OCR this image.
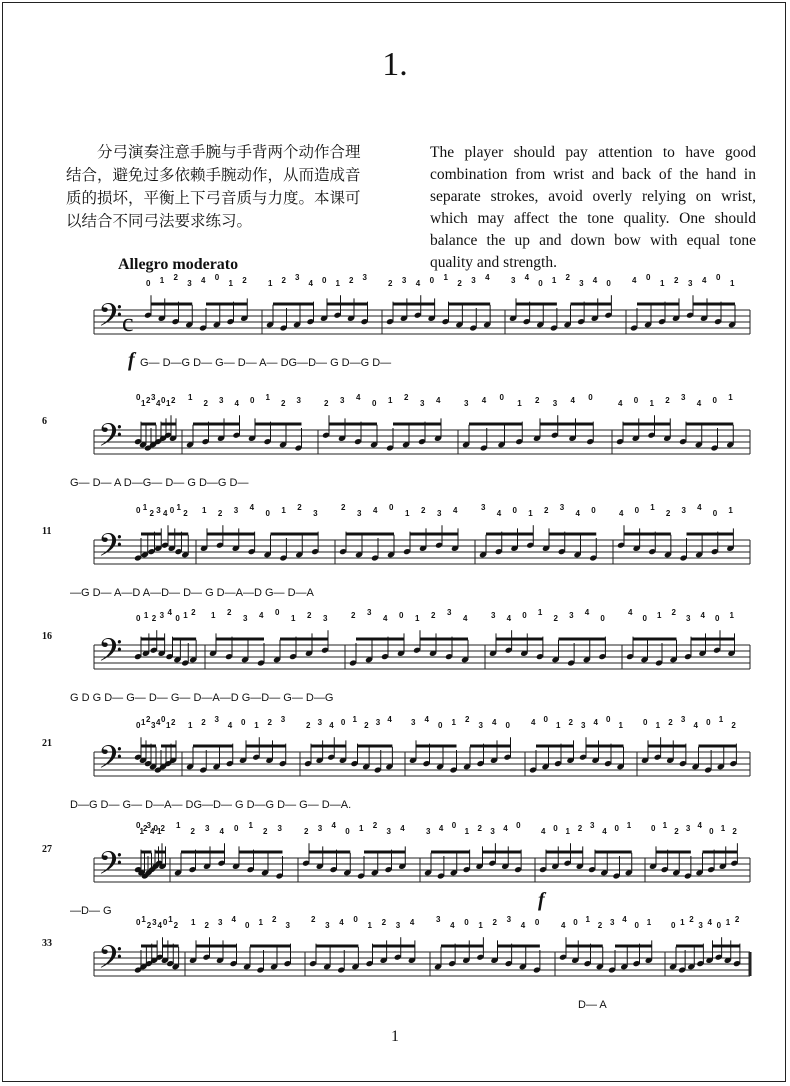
1.
分弓演奏注意手腕与手背两个动作合理结合，避免过多依赖手腕动作，从而造成音质的损坏，平衡上下弓音质与力度。本课可以结合不同弓法要求练习。
The player should pay attention to have good combination from wrist and back of the hand in separate strokes, avoid overly relying on wrist, which may affect the tone quality. One should balance the up and down bow with equal tone quality and strength.
Allegro moderato
𝄢 c
0 1 2
3 4 0
1 2	1 2 3
4 0 1 2 3
2 3 4 0 1
2 3 4	3 4
0 1 2
3 4 0	4 0
1 2 3 4 0
1
f G— D—G D— G— D— A— DG—D— G D—G D—
𝄢
0
1 2 3
4 0 1 2 1
2 3 4 0 1
2 3	2 3 4
0 1 2
3 4	3 4 0
1 2 3 4 0
4 0 1 2 3
4 0 1
6
G— D— A D—G— D— G D—G D—
𝄢
0 1
2 3 4 0 1
2 1 2 3 4
0 1 2
3
2
3 4 0
1 2 3 4	3
4 0 1 2 3
4 0	4 0 1
2 3 4
0 1
11
—G D— A—D A—D— D— G D—A—D G— D—A
𝄢
0 1 2 3 4
0 1 2 1 2
3 4 0
1 2 3	2 3
4 0 1 2 3
4	3 4 0 1
2 3 4
0
4
0 1 2
3 4 0 1
16
G D G D— G— D— G— D—A—D G—D— G— D—G
𝄢
0 1 2
3 4 0
1 2 1 2 3
4 0 1 2 3
2 3 4 0 1
2 3 4 3 4
0 1 2
3 4 0	4 0
1 2 3 4 0
1	0 1 2 3
4 0 1
2
21
D—G D— G— D—A— DG—D— G D—G D— G— D—A.
𝄢
0
1 2 3
4 0 1 2 1
2 3 4 0 1
2 3	2 3 4
0 1 2
3 4	3 4 0
1 2 3 4 0
4 0 1 2 3
4 0 1 0 1
2 3 4
0 1 2
27
f
—D— G
𝄢
0 1
2 3 4 0 1
2 1 2 3 4
0 1 2
3
2
3 4 0
1 2 3 4	3
4 0 1 2 3
4 0	4 0 1
2 3 4
0 1 0 1 2
3 4 0 1 2
33
D— A
1
